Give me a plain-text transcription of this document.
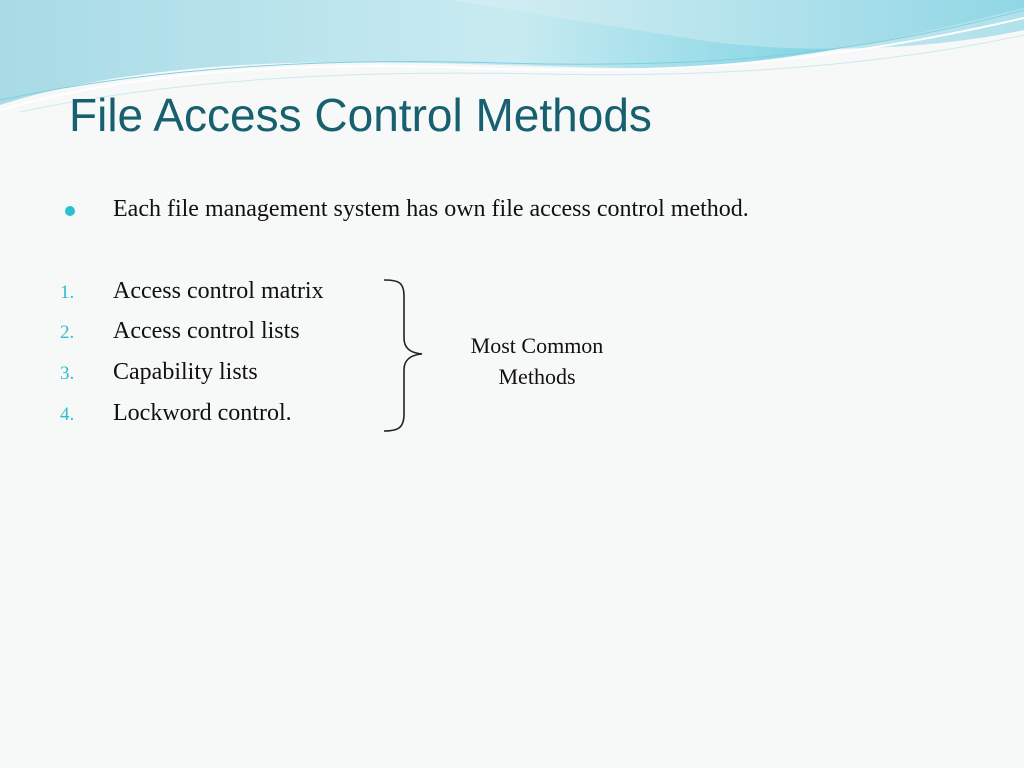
File Access Control Methods
Each file management system has own file access control method.
1. Access control matrix
2. Access control lists
3. Capability lists
4. Lockword control.
Most Common
Methods
